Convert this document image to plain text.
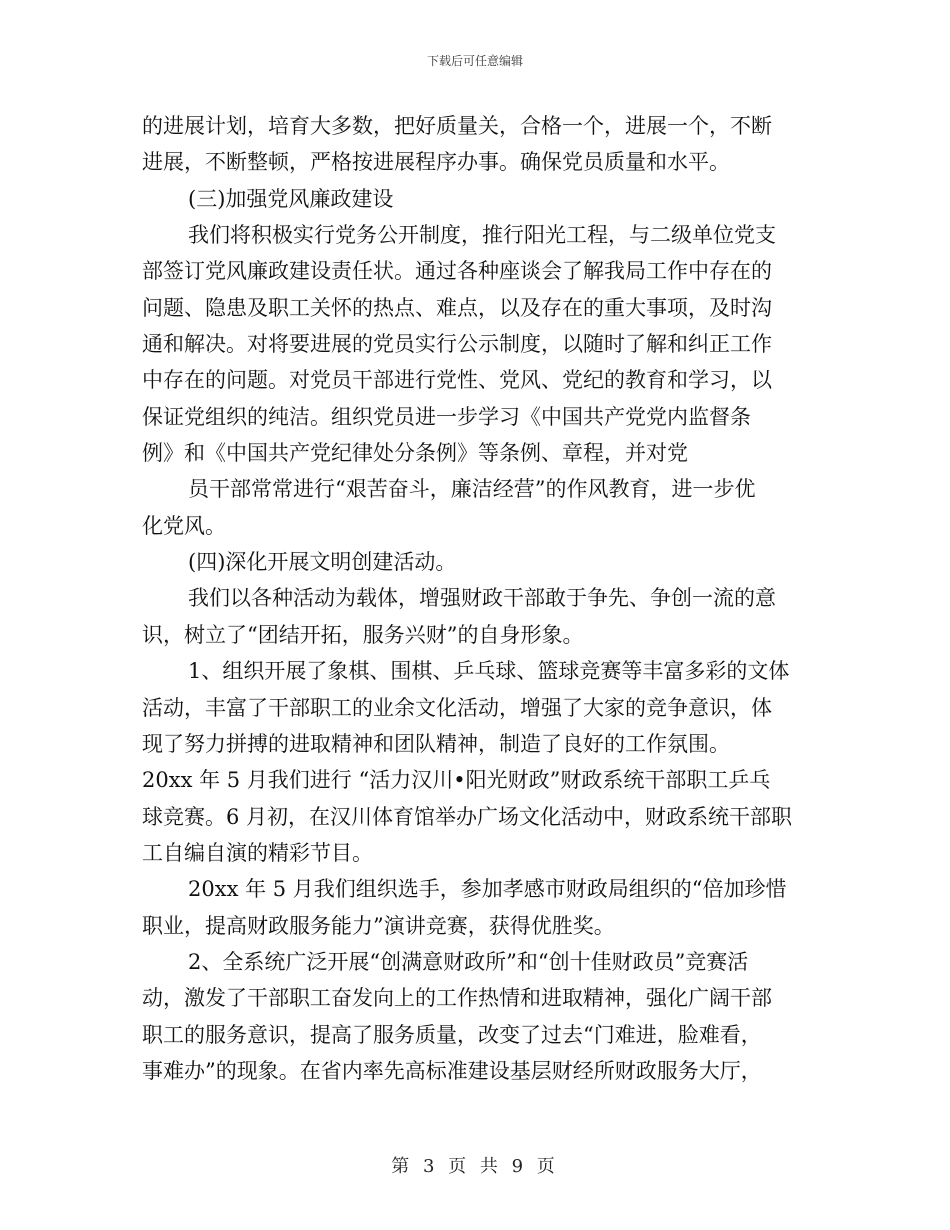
下载后可任意编辑
的进展计划，培育大多数，把好质量关，合格一个，进展一个，不断
进展，不断整顿，严格按进展程序办事。确保党员质量和水平。
(三)加强党风廉政建设
我们将积极实行党务公开制度，推行阳光工程，与二级单位党支
部签订党风廉政建设责任状。通过各种座谈会了解我局工作中存在的
问题、隐患及职工关怀的热点、难点，以及存在的重大事项，及时沟
通和解决。对将要进展的党员实行公示制度，以随时了解和纠正工作
中存在的问题。对党员干部进行党性、党风、党纪的教育和学习，以
保证党组织的纯洁。组织党员进一步学习《中国共产党党内监督条
例》和《中国共产党纪律处分条例》等条例、章程，并对党
员干部常常进行“艰苦奋斗，廉洁经营”的作风教育，进一步优
化党风。
(四)深化开展文明创建活动。
我们以各种活动为载体，增强财政干部敢于争先、争创一流的意
识，树立了“团结开拓，服务兴财”的自身形象。
1、组织开展了象棋、围棋、乒乓球、篮球竞赛等丰富多彩的文体
活动，丰富了干部职工的业余文化活动，增强了大家的竞争意识，体
现了努力拼搏的进取精神和团队精神，制造了良好的工作氛围。
20xx 年 5 月我们进行 “活力汉川•阳光财政”财政系统干部职工乒乓
球竞赛。6 月初，在汉川体育馆举办广场文化活动中，财政系统干部职
工自编自演的精彩节目。
20xx 年 5 月我们组织选手，参加孝感市财政局组织的“倍加珍惜
职业，提高财政服务能力”演讲竞赛，获得优胜奖。
2、全系统广泛开展“创满意财政所”和“创十佳财政员”竞赛活
动，激发了干部职工奋发向上的工作热情和进取精神，强化广阔干部
职工的服务意识，提高了服务质量，改变了过去“门难进，脸难看，
事难办”的现象。在省内率先高标准建设基层财经所财政服务大厅，
第 3 页 共 9 页
